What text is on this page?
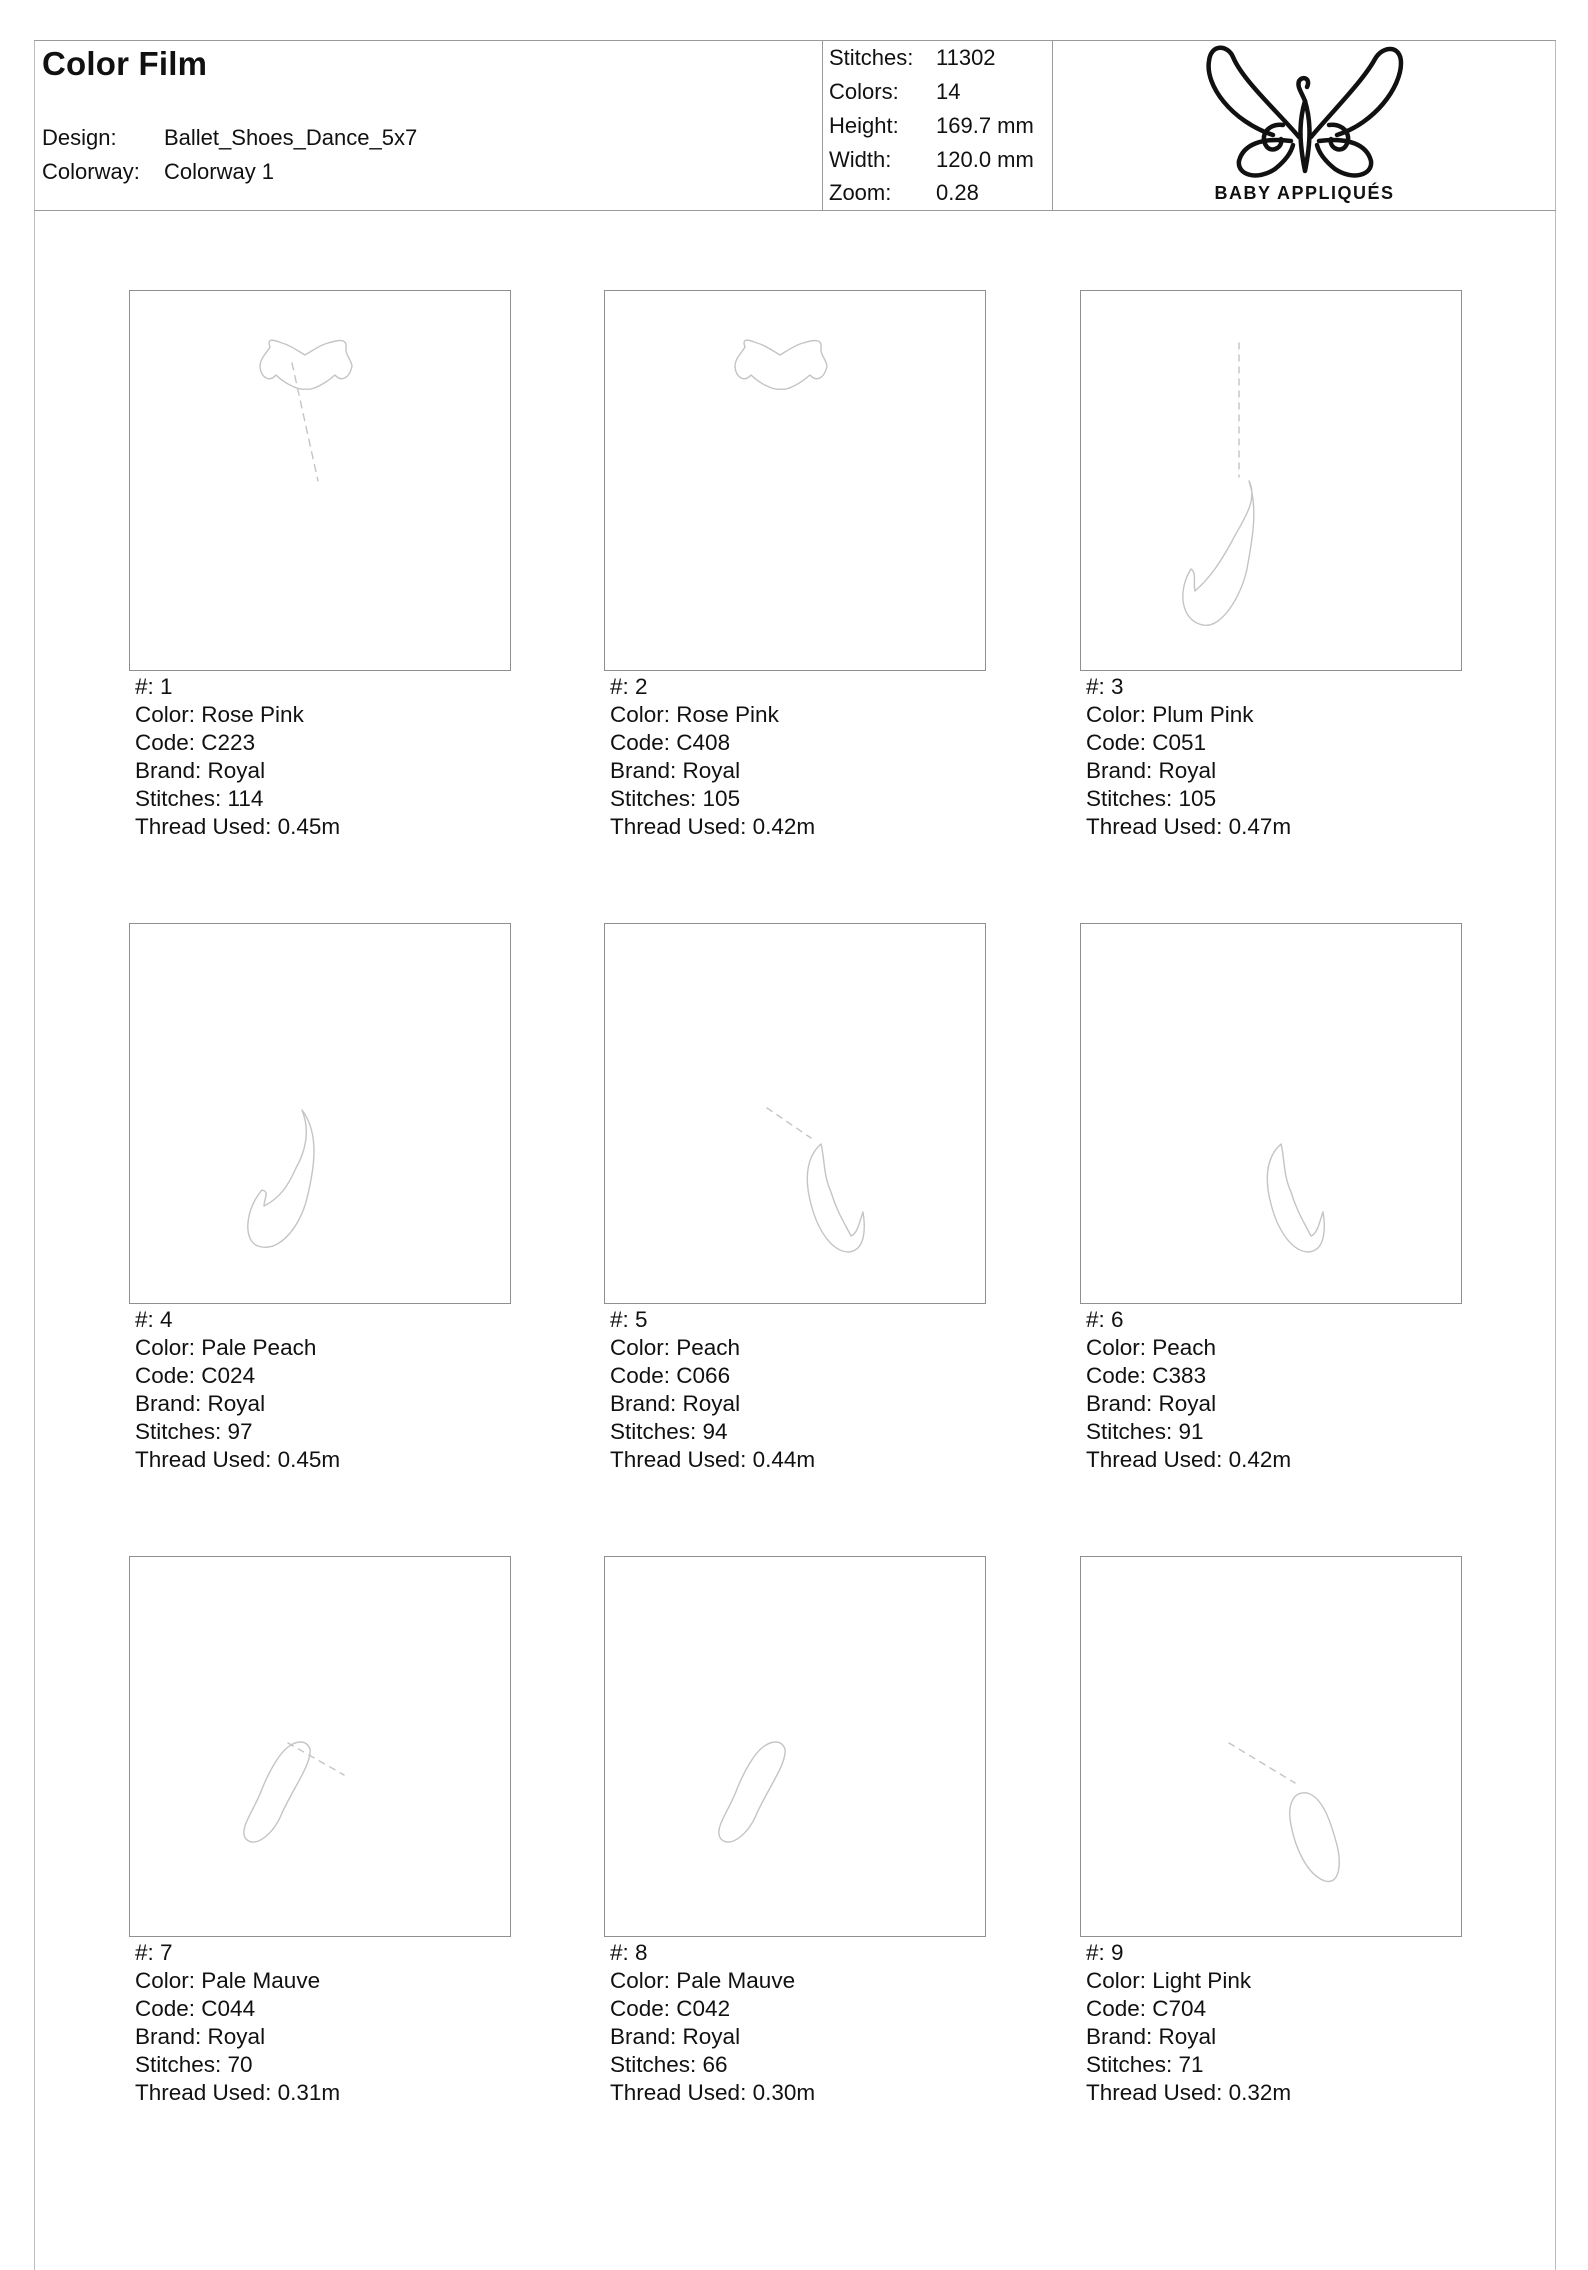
Color Film
Design: Ballet_Shoes_Dance_5x7
Colorway: Colorway 1
Stitches: 11302
Colors: 14
Height: 169.7 mm
Width: 120.0 mm
Zoom: 0.28	BABY APPLIQUÉS
#: 1
Color: Rose Pink
Code: C223
Brand: Royal
Stitches: 114
Thread Used: 0.45m
#: 2
Color: Rose Pink
Code: C408
Brand: Royal
Stitches: 105
Thread Used: 0.42m
#: 3
Color: Plum Pink
Code: C051
Brand: Royal
Stitches: 105
Thread Used: 0.47m
#: 4
Color: Pale Peach
Code: C024
Brand: Royal
Stitches: 97
Thread Used: 0.45m
#: 5
Color: Peach
Code: C066
Brand: Royal
Stitches: 94
Thread Used: 0.44m
#: 6
Color: Peach
Code: C383
Brand: Royal
Stitches: 91
Thread Used: 0.42m
#: 7
Color: Pale Mauve
Code: C044
Brand: Royal
Stitches: 70
Thread Used: 0.31m
#: 8
Color: Pale Mauve
Code: C042
Brand: Royal
Stitches: 66
Thread Used: 0.30m
#: 9
Color: Light Pink
Code: C704
Brand: Royal
Stitches: 71
Thread Used: 0.32m
